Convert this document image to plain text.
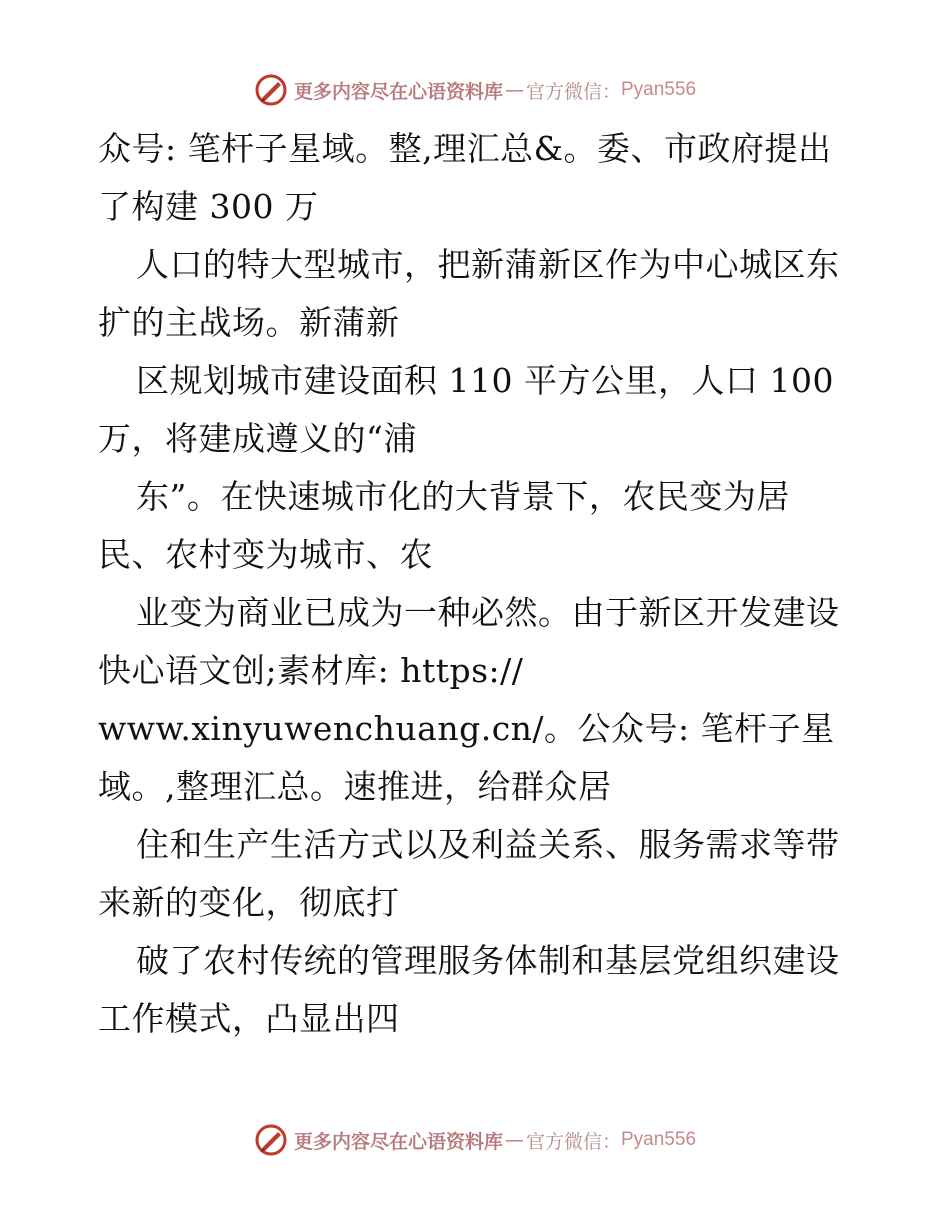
更多内容尽在心语资料库 — 官方微信： Pyan556
众号: 笔杆子星域。整,理汇总&。委、市政府提出
了构建 300 万
人口的特大型城市，把新蒲新区作为中心城区东
扩的主战场。新蒲新
区规划城市建设面积 110 平方公里，人口 100
万，将建成遵义的“浦
东”。在快速城市化的大背景下，农民变为居
民、农村变为城市、农
业变为商业已成为一种必然。由于新区开发建设
快心语文创;素材库: https://
www.xinyuwenchuang.cn/。公众号: 笔杆子星
域。,整理汇总。速推进，给群众居
住和生产生活方式以及利益关系、服务需求等带
来新的变化，彻底打
破了农村传统的管理服务体制和基层党组织建设
工作模式，凸显出四
更多内容尽在心语资料库 — 官方微信： Pyan556
